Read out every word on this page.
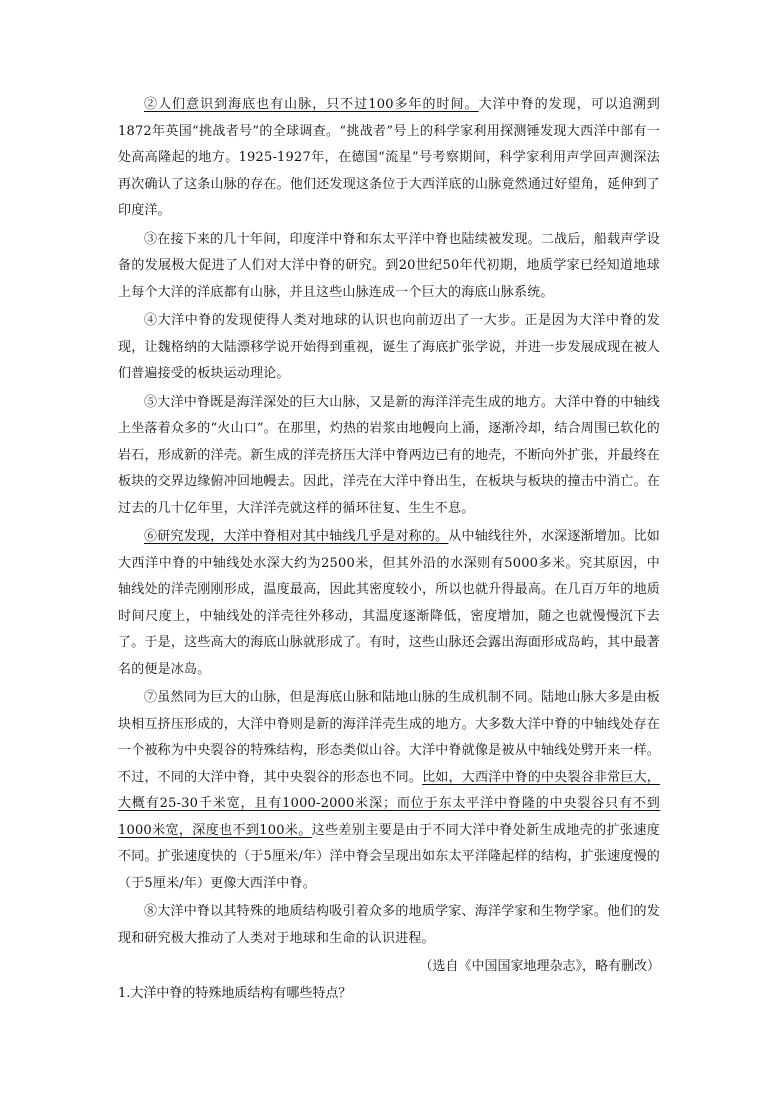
②人们意识到海底也有山脉，只不过100多年的时间。大洋中脊的发现，可以追溯到1872年英国“挑战者号”的全球调查。“挑战者”号上的科学家利用探测锤发现大西洋中部有一处高高隆起的地方。1925-1927年，在德国“流星”号考察期间，科学家利用声学回声测深法再次确认了这条山脉的存在。他们还发现这条位于大西洋底的山脉竟然通过好望角，延伸到了印度洋。

③在接下来的几十年间，印度洋中脊和东太平洋中脊也陆续被发现。二战后，船载声学设备的发展极大促进了人们对大洋中脊的研究。到20世纪50年代初期，地质学家已经知道地球上每个大洋的洋底都有山脉，并且这些山脉连成一个巨大的海底山脉系统。

④大洋中脊的发现使得人类对地球的认识也向前迈出了一大步。正是因为大洋中脊的发现，让魏格纳的大陆漂移学说开始得到重视，诞生了海底扩张学说，并进一步发展成现在被人们普遍接受的板块运动理论。

⑤大洋中脊既是海洋深处的巨大山脉，又是新的海洋洋壳生成的地方。大洋中脊的中轴线上坐落着众多的“火山口”。在那里，灼热的岩浆由地幔向上涌，逐渐冷却，结合周围已软化的岩石，形成新的洋壳。新生成的洋壳挤压大洋中脊两边已有的地壳，不断向外扩张，并最终在板块的交界边缘俯冲回地幔去。因此，洋壳在大洋中脊出生，在板块与板块的撞击中消亡。在过去的几十亿年里，大洋洋壳就这样的循环往复、生生不息。

⑥研究发现，大洋中脊相对其中轴线几乎是对称的。从中轴线往外，水深逐渐增加。比如大西洋中脊的中轴线处水深大约为2500米，但其外沿的水深则有5000多米。究其原因，中轴线处的洋壳刚刚形成，温度最高，因此其密度较小，所以也就升得最高。在几百万年的地质时间尺度上，中轴线处的洋壳往外移动，其温度逐渐降低，密度增加，随之也就慢慢沉下去了。于是，这些高大的海底山脉就形成了。有时，这些山脉还会露出海面形成岛屿，其中最著名的便是冰岛。

⑦虽然同为巨大的山脉，但是海底山脉和陆地山脉的生成机制不同。陆地山脉大多是由板块相互挤压形成的，大洋中脊则是新的海洋洋壳生成的地方。大多数大洋中脊的中轴线处存在一个被称为中央裂谷的特殊结构，形态类似山谷。大洋中脊就像是被从中轴线处劈开来一样。不过，不同的大洋中脊，其中央裂谷的形态也不同。比如，大西洋中脊的中央裂谷非常巨大，大概有25-30千米宽，且有1000-2000米深；而位于东太平洋中脊隆的中央裂谷只有不到1000米宽，深度也不到100米。这些差别主要是由于不同大洋中脊处新生成地壳的扩张速度不同。扩张速度快的（于5厘米/年）洋中脊会呈现出如东太平洋隆起样的结构，扩张速度慢的（于5厘米/年）更像大西洋中脊。

⑧大洋中脊以其特殊的地质结构吸引着众多的地质学家、海洋学家和生物学家。他们的发现和研究极大推动了人类对于地球和生命的认识进程。

（选自《中国国家地理杂志》，略有删改）

1.大洋中脊的特殊地质结构有哪些特点？
